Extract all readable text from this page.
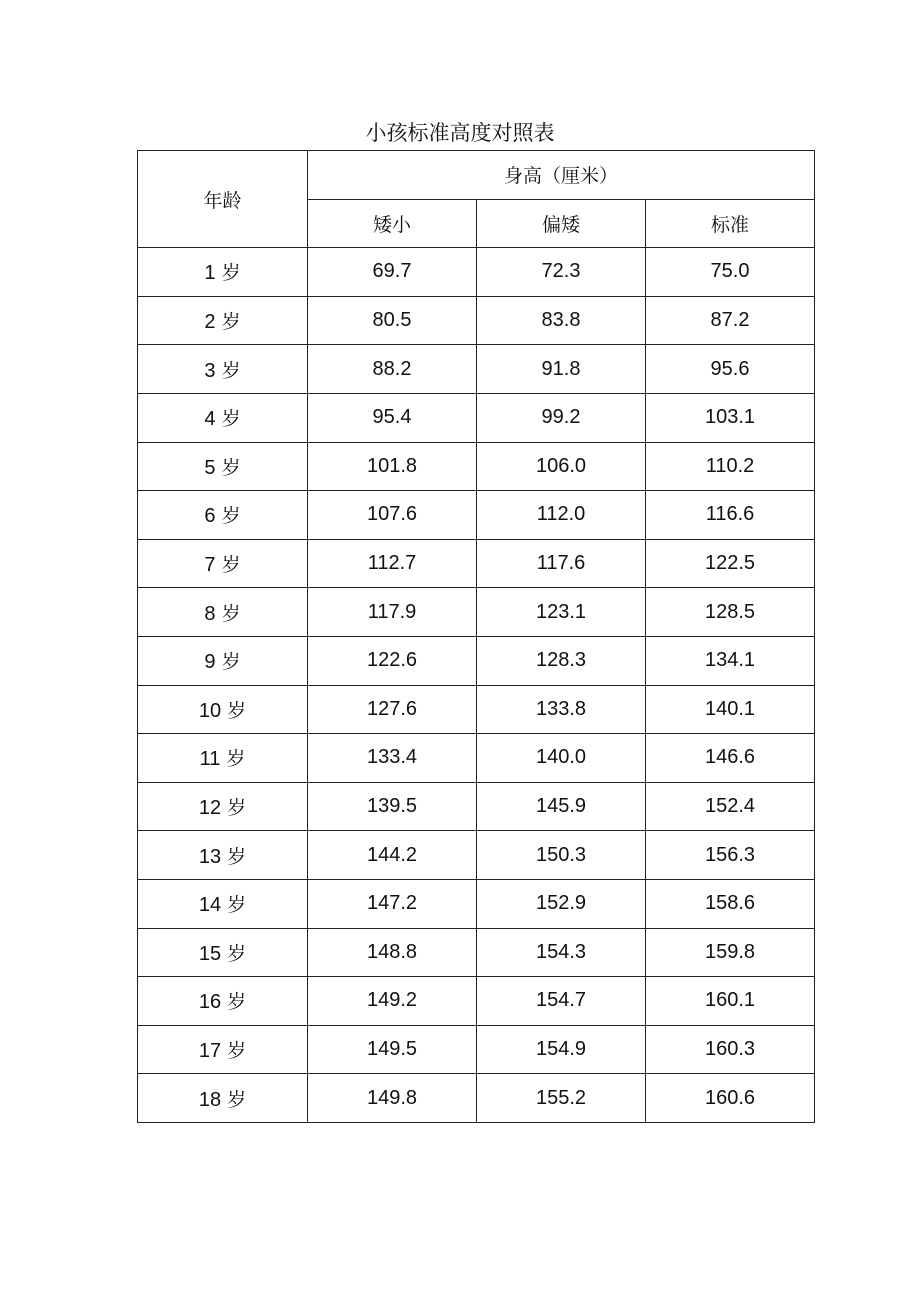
小孩标准高度对照表
年龄	身高（厘米）		
	矮小	偏矮	标准
1 岁	69.7	72.3	75.0
2 岁	80.5	83.8	87.2
3 岁	88.2	91.8	95.6
4 岁	95.4	99.2	103.1
5 岁	101.8	106.0	110.2
6 岁	107.6	112.0	116.6
7 岁	112.7	117.6	122.5
8 岁	117.9	123.1	128.5
9 岁	122.6	128.3	134.1
10 岁	127.6	133.8	140.1
11 岁	133.4	140.0	146.6
12 岁	139.5	145.9	152.4
13 岁	144.2	150.3	156.3
14 岁	147.2	152.9	158.6
15 岁	148.8	154.3	159.8
16 岁	149.2	154.7	160.1
17 岁	149.5	154.9	160.3
18 岁	149.8	155.2	160.6
